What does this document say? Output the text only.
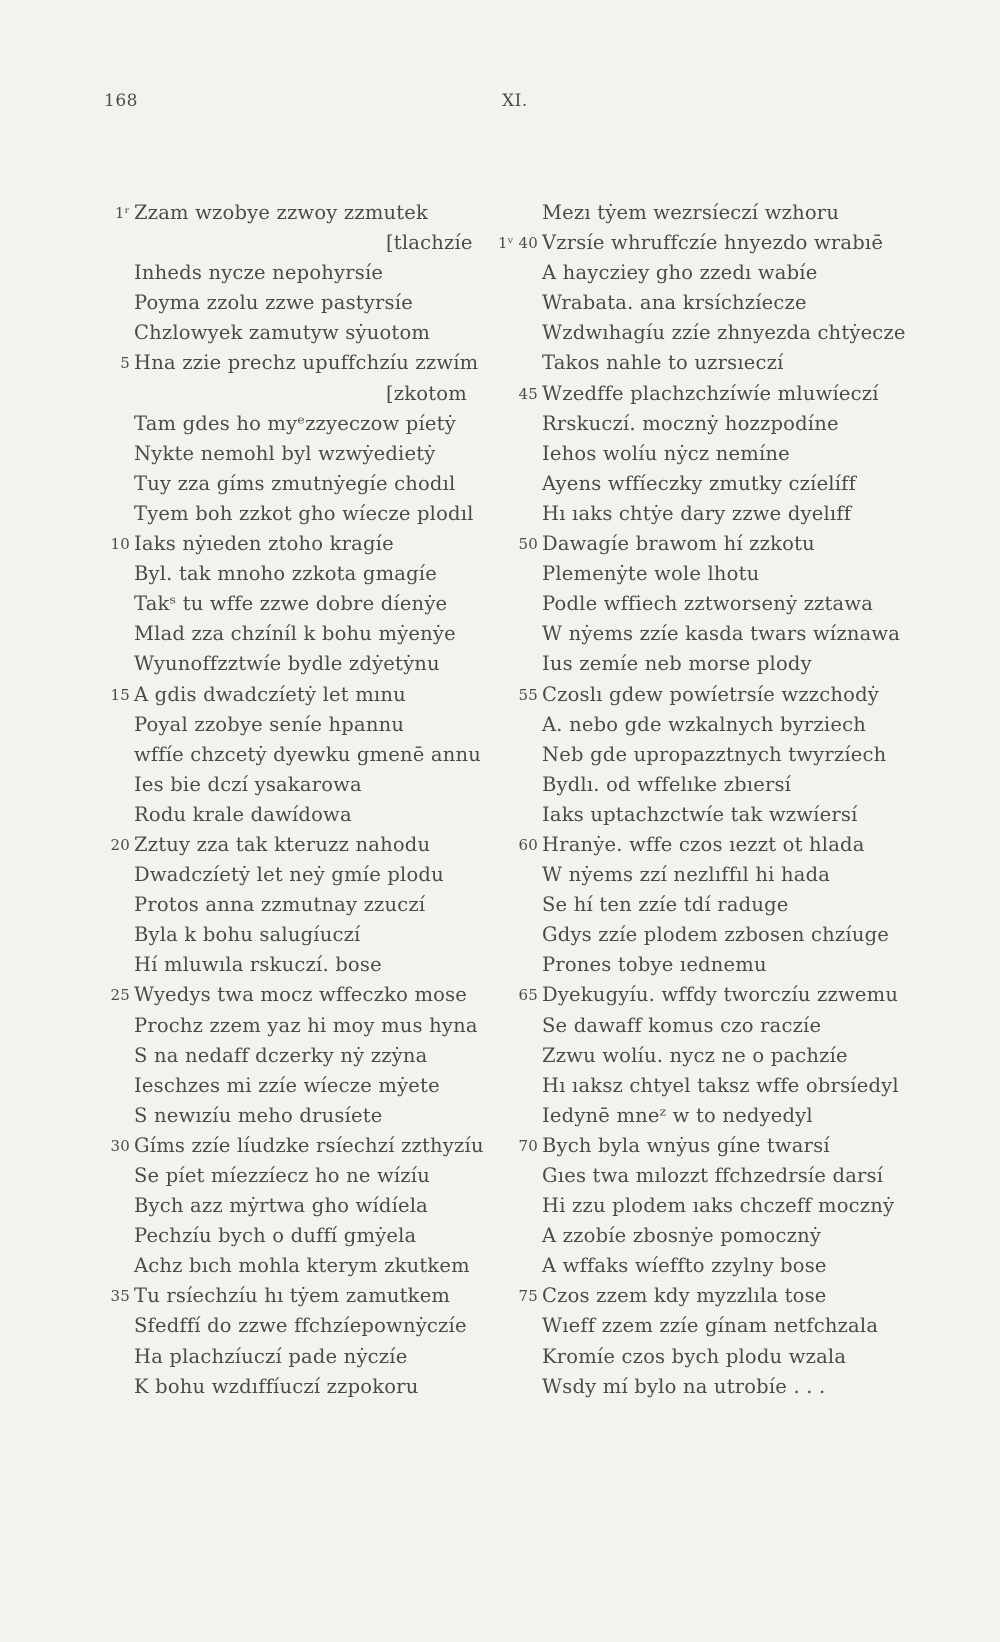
168	XI.
1ʳ Zzam wzobye zzwoy zzmutek
[tlachzíe
Inheds nycze nepohyrsíe
Poyma zzolu zzwe pastyrsíe
Chzlowyek zamutyw sẏuotom
5 Hna zzie prechz upuffchzíu zzwím
[zkotom
Tam gdes ho myᵉzzyeczow píetẏ
Nykte nemohl byl wzwẏedietẏ
Tuy zza gíms zmutnẏegíe chodıl
Tyem boh zzkot gho wíecze plodıl
10 Iaks nẏıeden ztoho kragíe
Byl. tak mnoho zzkota gmagíe
Takˢ tu wffe zzwe dobre díenẏe
Mlad zza chzíníl k bohu mẏenẏe
Wyunoffzztwíe bydle zdẏetẏnu
15 A gdis dwadczíetẏ let mınu
Poyal zzobye seníe hpannu
wffíe chzcetẏ dyewku gmenē annu
Ies bie dczí ysakarowa
Rodu krale dawídowa
20 Zztuy zza tak kteruzz nahodu
Dwadczíetẏ let neẏ gmíe plodu
Protos anna zzmutnay zzuczí
Byla k bohu salugíuczí
Hí mluwıla rskuczí. bose
25 Wyedys twa mocz wffeczko mose
Prochz zzem yaz hi moy mus hyna
S na nedaff dczerky nẏ zzẏna
Ieschzes mi zzíe wíecze mẏete
S newızíu meho drusíete
30 Gíms zzíe líudzke rsíechzí zzthyzíu
Se píet míezzíecz ho ne wízíu
Bych azz mẏrtwa gho wídíela
Pechzíu bych o duffí gmẏela
Achz bıch mohla kterym zkutkem
35 Tu rsíechzíu hı tẏem zamutkem
Sfedffí do zzwe ffchzíepownẏczíe
Ha plachzíuczí pade nẏczíe
K bohu wzdıffíuczí zzpokoru
Mezı tẏem wezrsíeczí wzhoru
1ᵛ 40 Vzrsíe whruffczíe hnyezdo wrabıē
A haycziey gho zzedı wabíe
Wrabata. ana krsíchzíecze
Wzdwıhagíu zzíe zhnyezda chtẏecze
Takos nahle to uzrsıeczí
45 Wzedffe plachzchzíwíe mluwíeczí
Rrskuczí. mocznẏ hozzpodíne
Iehos wolíu nẏcz nemíne
Ayens wffíeczky zmutky czíelíff
Hı ıaks chtẏe dary zzwe dyelıff
50 Dawagíe brawom hí zzkotu
Plemenẏte wole lhotu
Podle wffiech zztworsenẏ zztawa
W nẏems zzíe kasda twars wíznawa
Ius zemíe neb morse plody
55 Czoslı gdew powíetrsíe wzzchodẏ
A. nebo gde wzkalnych byrziech
Neb gde upropazztnych twyrzíech
Bydlı. od wffelıke zbıersí
Iaks uptachzctwíe tak wzwíersí
60 Hranẏe. wffe czos ıezzt ot hlada
W nẏems zzí nezlıffıl hi hada
Se hí ten zzíe tdí raduge
Gdys zzíe plodem zzbosen chzíuge
Prones tobye ıednemu
65 Dyekugyíu. wffdy tworczíu zzwemu
Se dawaff komus czo raczíe
Zzwu wolíu. nycz ne o pachzíe
Hı ıaksz chtyel taksz wffe obrsíedyl
Iedynē mneᶻ w to nedyedyl
70 Bych byla wnẏus gíne twarsí
Gıes twa mılozzt ffchzedrsíe darsí
Hi zzu plodem ıaks chczeff mocznẏ
A zzobíe zbosnẏe pomocznẏ
A wffaks wíeffto zzylny bose
75 Czos zzem kdy myzzlıla tose
Wıeff zzem zzíe gínam netfchzala
Kromíe czos bych plodu wzala
Wsdy mí bylo na utrobíe . . .
